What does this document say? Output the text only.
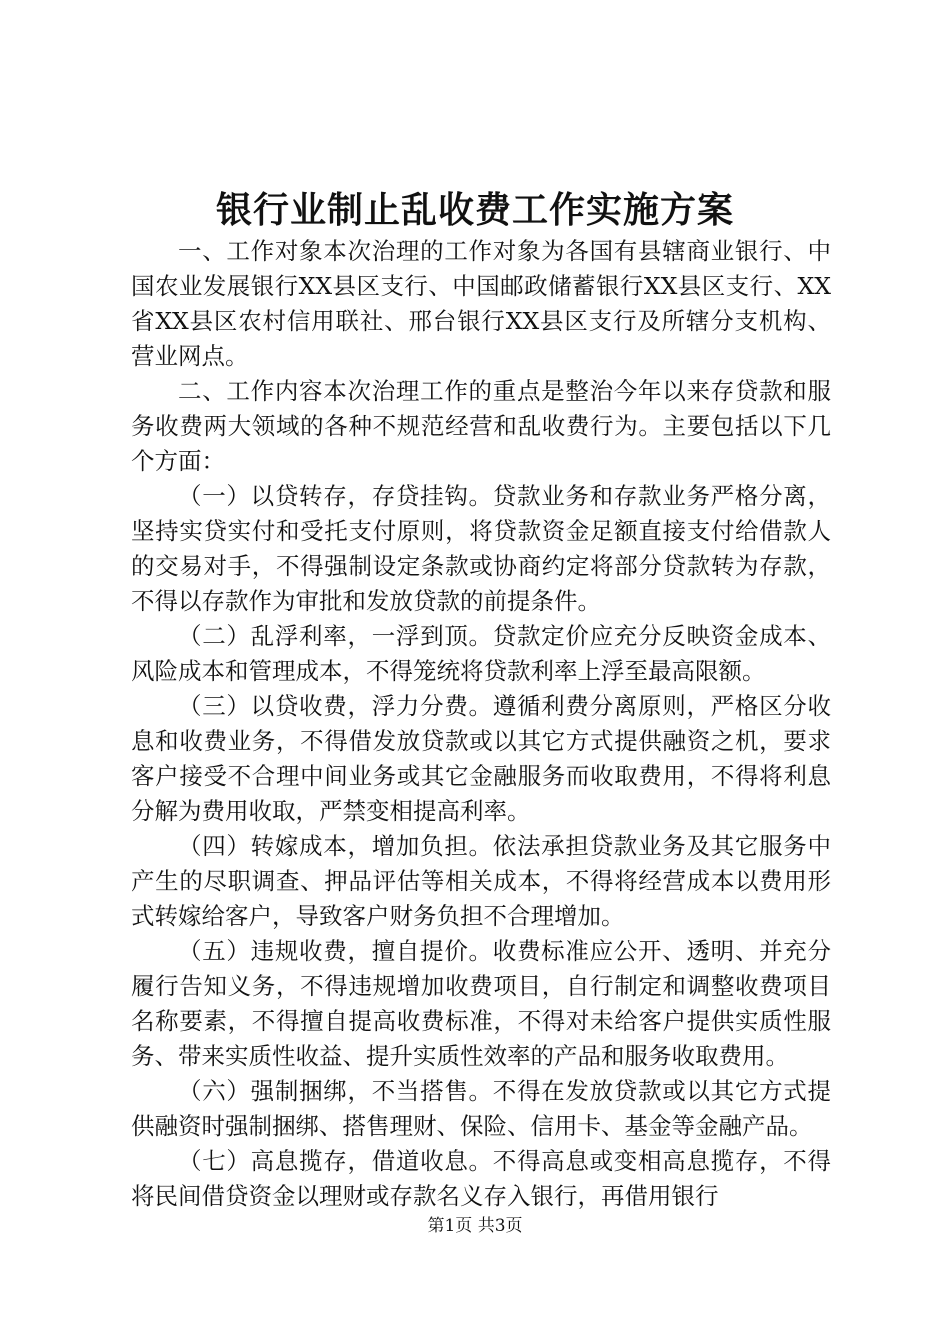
银行业制止乱收费工作实施方案

一、工作对象本次治理的工作对象为各国有县辖商业银行、中国农业发展银行XX县区支行、中国邮政储蓄银行XX县区支行、XX省XX县区农村信用联社、邢台银行XX县区支行及所辖分支机构、营业网点。

二、工作内容本次治理工作的重点是整治今年以来存贷款和服务收费两大领域的各种不规范经营和乱收费行为。主要包括以下几个方面：

（一）以贷转存，存贷挂钩。贷款业务和存款业务严格分离，坚持实贷实付和受托支付原则，将贷款资金足额直接支付给借款人的交易对手，不得强制设定条款或协商约定将部分贷款转为存款，不得以存款作为审批和发放贷款的前提条件。

（二）乱浮利率，一浮到顶。贷款定价应充分反映资金成本、风险成本和管理成本，不得笼统将贷款利率上浮至最高限额。

（三）以贷收费，浮力分费。遵循利费分离原则，严格区分收息和收费业务，不得借发放贷款或以其它方式提供融资之机，要求客户接受不合理中间业务或其它金融服务而收取费用，不得将利息分解为费用收取，严禁变相提高利率。

（四）转嫁成本，增加负担。依法承担贷款业务及其它服务中产生的尽职调查、押品评估等相关成本，不得将经营成本以费用形式转嫁给客户，导致客户财务负担不合理增加。

（五）违规收费，擅自提价。收费标准应公开、透明、并充分履行告知义务，不得违规增加收费项目，自行制定和调整收费项目名称要素，不得擅自提高收费标准，不得对未给客户提供实质性服务、带来实质性收益、提升实质性效率的产品和服务收取费用。

（六）强制捆绑，不当搭售。不得在发放贷款或以其它方式提供融资时强制捆绑、搭售理财、保险、信用卡、基金等金融产品。

（七）高息揽存，借道收息。不得高息或变相高息揽存，不得将民间借贷资金以理财或存款名义存入银行，再借用银行

第1页 共3页
